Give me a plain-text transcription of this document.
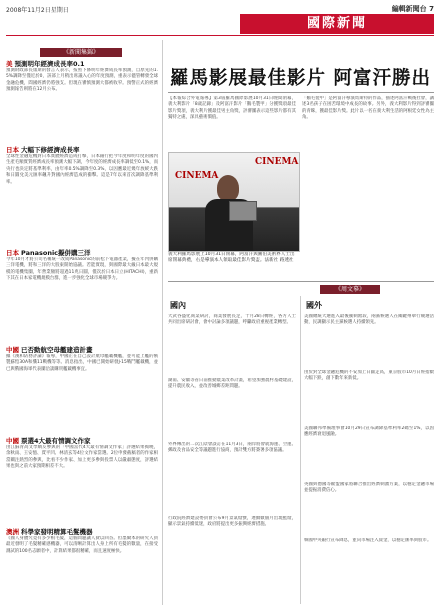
2008年11月2日星期日	編輯新聞台 7
國際新聞
《新聞集錦》
美 預測明年經濟成長率0.1
預測財政部長康斯的發言人表示，按照下修明年經濟成長率預測，自原先的1.5%調降至僅近於0，該部上月稍出席議入心的年度預測，重表示儘管轉發全球金融危機，間國經濟仍將強支。但現在審慎預測大都被收窄。預警正式的經濟預測報告則將在12月公布。
日本 大幅下修經濟成長率
全球性金融危機對日本實體經濟造成打擊，日本銀行把今年度和明年度的國內生產毛額實質經濟成長率預測大幅下調，今年度的經濟成長率調低至0.1%，而央行也決定將基準利率，由年率0.5%調降至0.3%，以因應最近幾年放緩大跌和日圓兌美元匯率飆升對國內經濟造成的衝擊。這是7年以來首次調降基準利率。
日本 Panasonic擬併購三洋
今年10月才將公司名稱統一改成Panasonic的前松下電器產業，擬在年內併購三洋電機，將和三洋的大股東開始協議。若能實現，與國際最大級日本最大規模的電機集團，年營業額將超過11兆日圓，僅次於日本日立(HITACHI)，重新下其在日本家電機規模台群，進一步強化全球市場競爭力。
中國 已否動航空母艦建造計畫
據《漢和防務評論》報導，中國正在自己設計航母艦載機艦，並可能上艦的俄製蘇愷30A和殲11戰機等等。消息指出，中國已開始研發J-15戰鬥艦載機，並已與俄國海軍代表團洽談購買艦載機事宜。
中國 票選4大最有情調文作家
由江蘇青高文學網友參與的「中國當代4大最有情調文作家」評選結果揭曉，余秋雨、王安憶、賈平凹、林清玄等4位文作家當選。2位申發截稿者的作家相當關注熱烈的參與，比看不少作家、加上更多參與投票人以嚴肅態度，評選結果也與之前大家預期相差不大。
澳洲 科學家發明精算毛髮機器
《國人身體究竟有多少根毛髮，這個問題讓人費以回答。但墨爾本的研究人員最近發明了毛髮精確感機器，可以清晰計算出人身上所有毛髮的數量，在接受測試的100名志願者中，計算結果都很精確，而且速度極快。
羅馬影展最佳影片 阿富汗勝出
【本報綜合外電報導】第3屆羅馬國際影展10月31日晚間閉幕，義大利影片「8歲記錄」及阿富汗影片「鵝毛製甲」分獲獎項最佳影片獎項，義大利片獲最佳男主角獎，評審團表示這些影片都有其獨特之處，深具藝術價值。
「鵝毛製甲」是阿富汗導演馬斯特的作品，描述阿富汗戰後社會，講述3名孩子在困苦環境中成長的故事。另外，義大利影片得到評審團的青睞，獲最佳影片獎。此片以一名在義大利生活的阿根廷女性為主角。
CINEMA
CINEMA
義大利羅馬影展上10月31日閉幕，阿富汗與圖伯美術界人士出席閉幕典禮，右是導演本人領取最佳影片獎盃。法新社 路透社
《周文摹》
國內
大武谷盛化商業研討，商業發展長足，十月28日轉經，各方人士共同出席研討會，會中討論多項議題，呼籲政府重視產業轉型。
湖南、安徽等省日前推動農業改革計畫，希望加強農村基礎建設，提升農民收入，並改善城鄉差距問題。
外界傳出的二次江陰會談訂在11月3日，兩岸將會就海運、空運、郵政及食品安全等議題進行協商，預計雙方將簽署多項協議。
行政院經濟建設委員會公布9月景氣燈號，連續數個月出現藍燈，顯示景氣持續低迷，政府將提出更多振興經濟措施。
國外
美國總統大選進入最後衝刺階段，兩黨候選人在關鍵州舉行競選活動，民調顯示民主黨候選人持續領先。
由於對全球金融危機的不安加上日圓走高，東京股市10月日經指數大幅下跌，創下數年來新低。
美國聯邦準備理事會10月29日宣布調降基準利率2碼至1%，以因應經濟衰退風險。
英國與德國等歐盟國家將聯合推出經濟刺激方案，以穩定金融市場並提振消費信心。
韓國中央銀行宣布降息，並向市場注入資金，以穩定匯率與股市。
